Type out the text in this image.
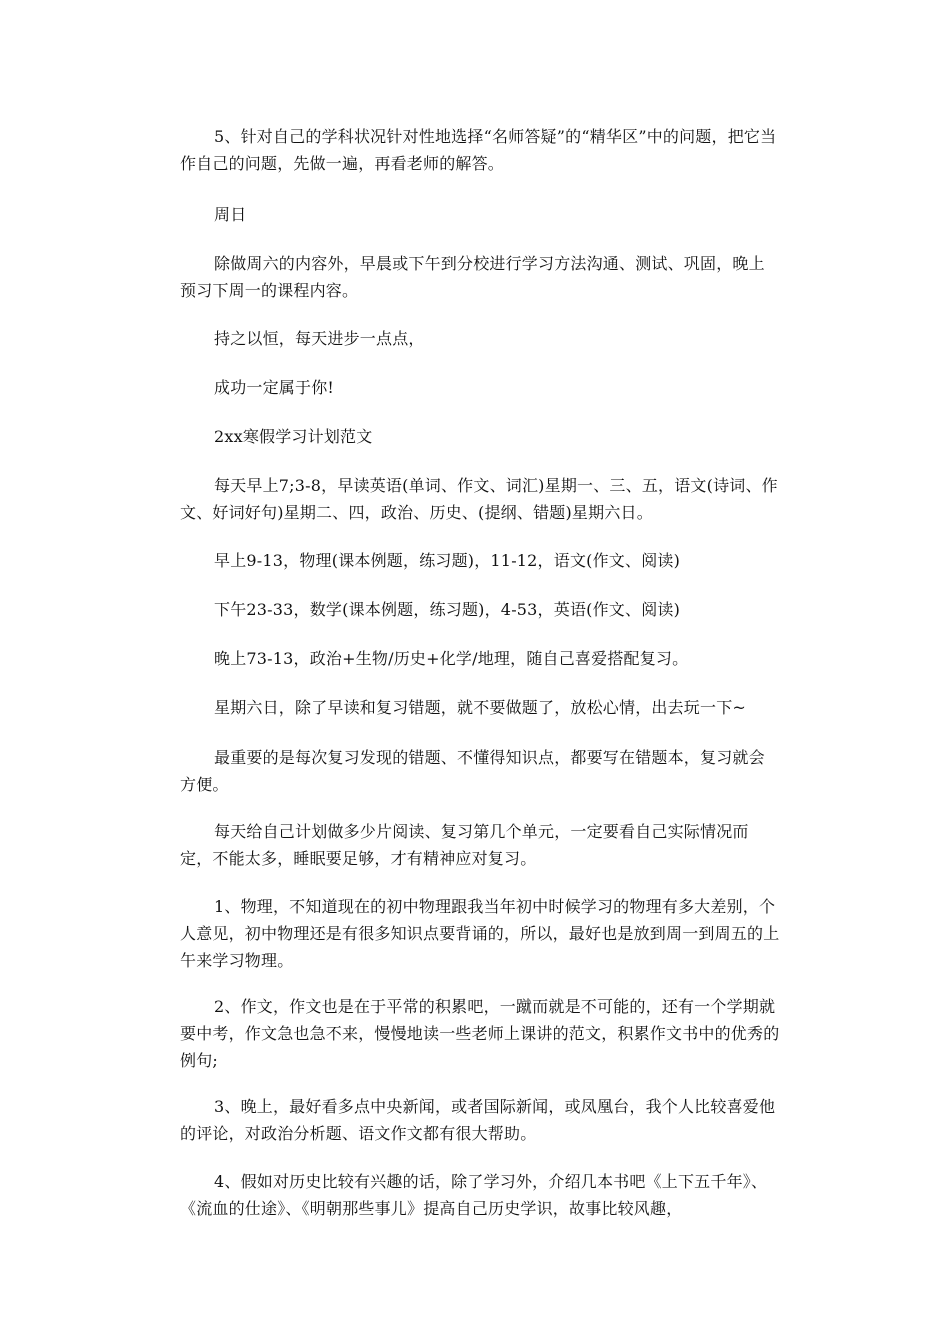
5、针对自己的学科状况针对性地选择“名师答疑”的“精华区”中的问题，把它当作自己的问题，先做一遍，再看老师的解答。

周日

除做周六的内容外，早晨或下午到分校进行学习方法沟通、测试、巩固，晚上预习下周一的课程内容。

持之以恒，每天进步一点点，

成功一定属于你!

2xx寒假学习计划范文

每天早上7;3-8，早读英语(单词、作文、词汇)星期一、三、五，语文(诗词、作文、好词好句)星期二、四，政治、历史、(提纲、错题)星期六日。

早上9-13，物理(课本例题，练习题)，11-12，语文(作文、阅读)

下午23-33，数学(课本例题，练习题)，4-53，英语(作文、阅读)

晚上73-13，政治+生物/历史+化学/地理，随自己喜爱搭配复习。

星期六日，除了早读和复习错题，就不要做题了，放松心情，出去玩一下~

最重要的是每次复习发现的错题、不懂得知识点，都要写在错题本，复习就会方便。

每天给自己计划做多少片阅读、复习第几个单元，一定要看自己实际情况而定，不能太多，睡眠要足够，才有精神应对复习。

1、物理，不知道现在的初中物理跟我当年初中时候学习的物理有多大差别，个人意见，初中物理还是有很多知识点要背诵的，所以，最好也是放到周一到周五的上午来学习物理。

2、作文，作文也是在于平常的积累吧，一蹴而就是不可能的，还有一个学期就要中考，作文急也急不来，慢慢地读一些老师上课讲的范文，积累作文书中的优秀的例句;

3、晚上，最好看多点中央新闻，或者国际新闻，或凤凰台，我个人比较喜爱他的评论，对政治分析题、语文作文都有很大帮助。

4、假如对历史比较有兴趣的话，除了学习外，介绍几本书吧《上下五千年》、《流血的仕途》、《明朝那些事儿》提高自己历史学识，故事比较风趣，
